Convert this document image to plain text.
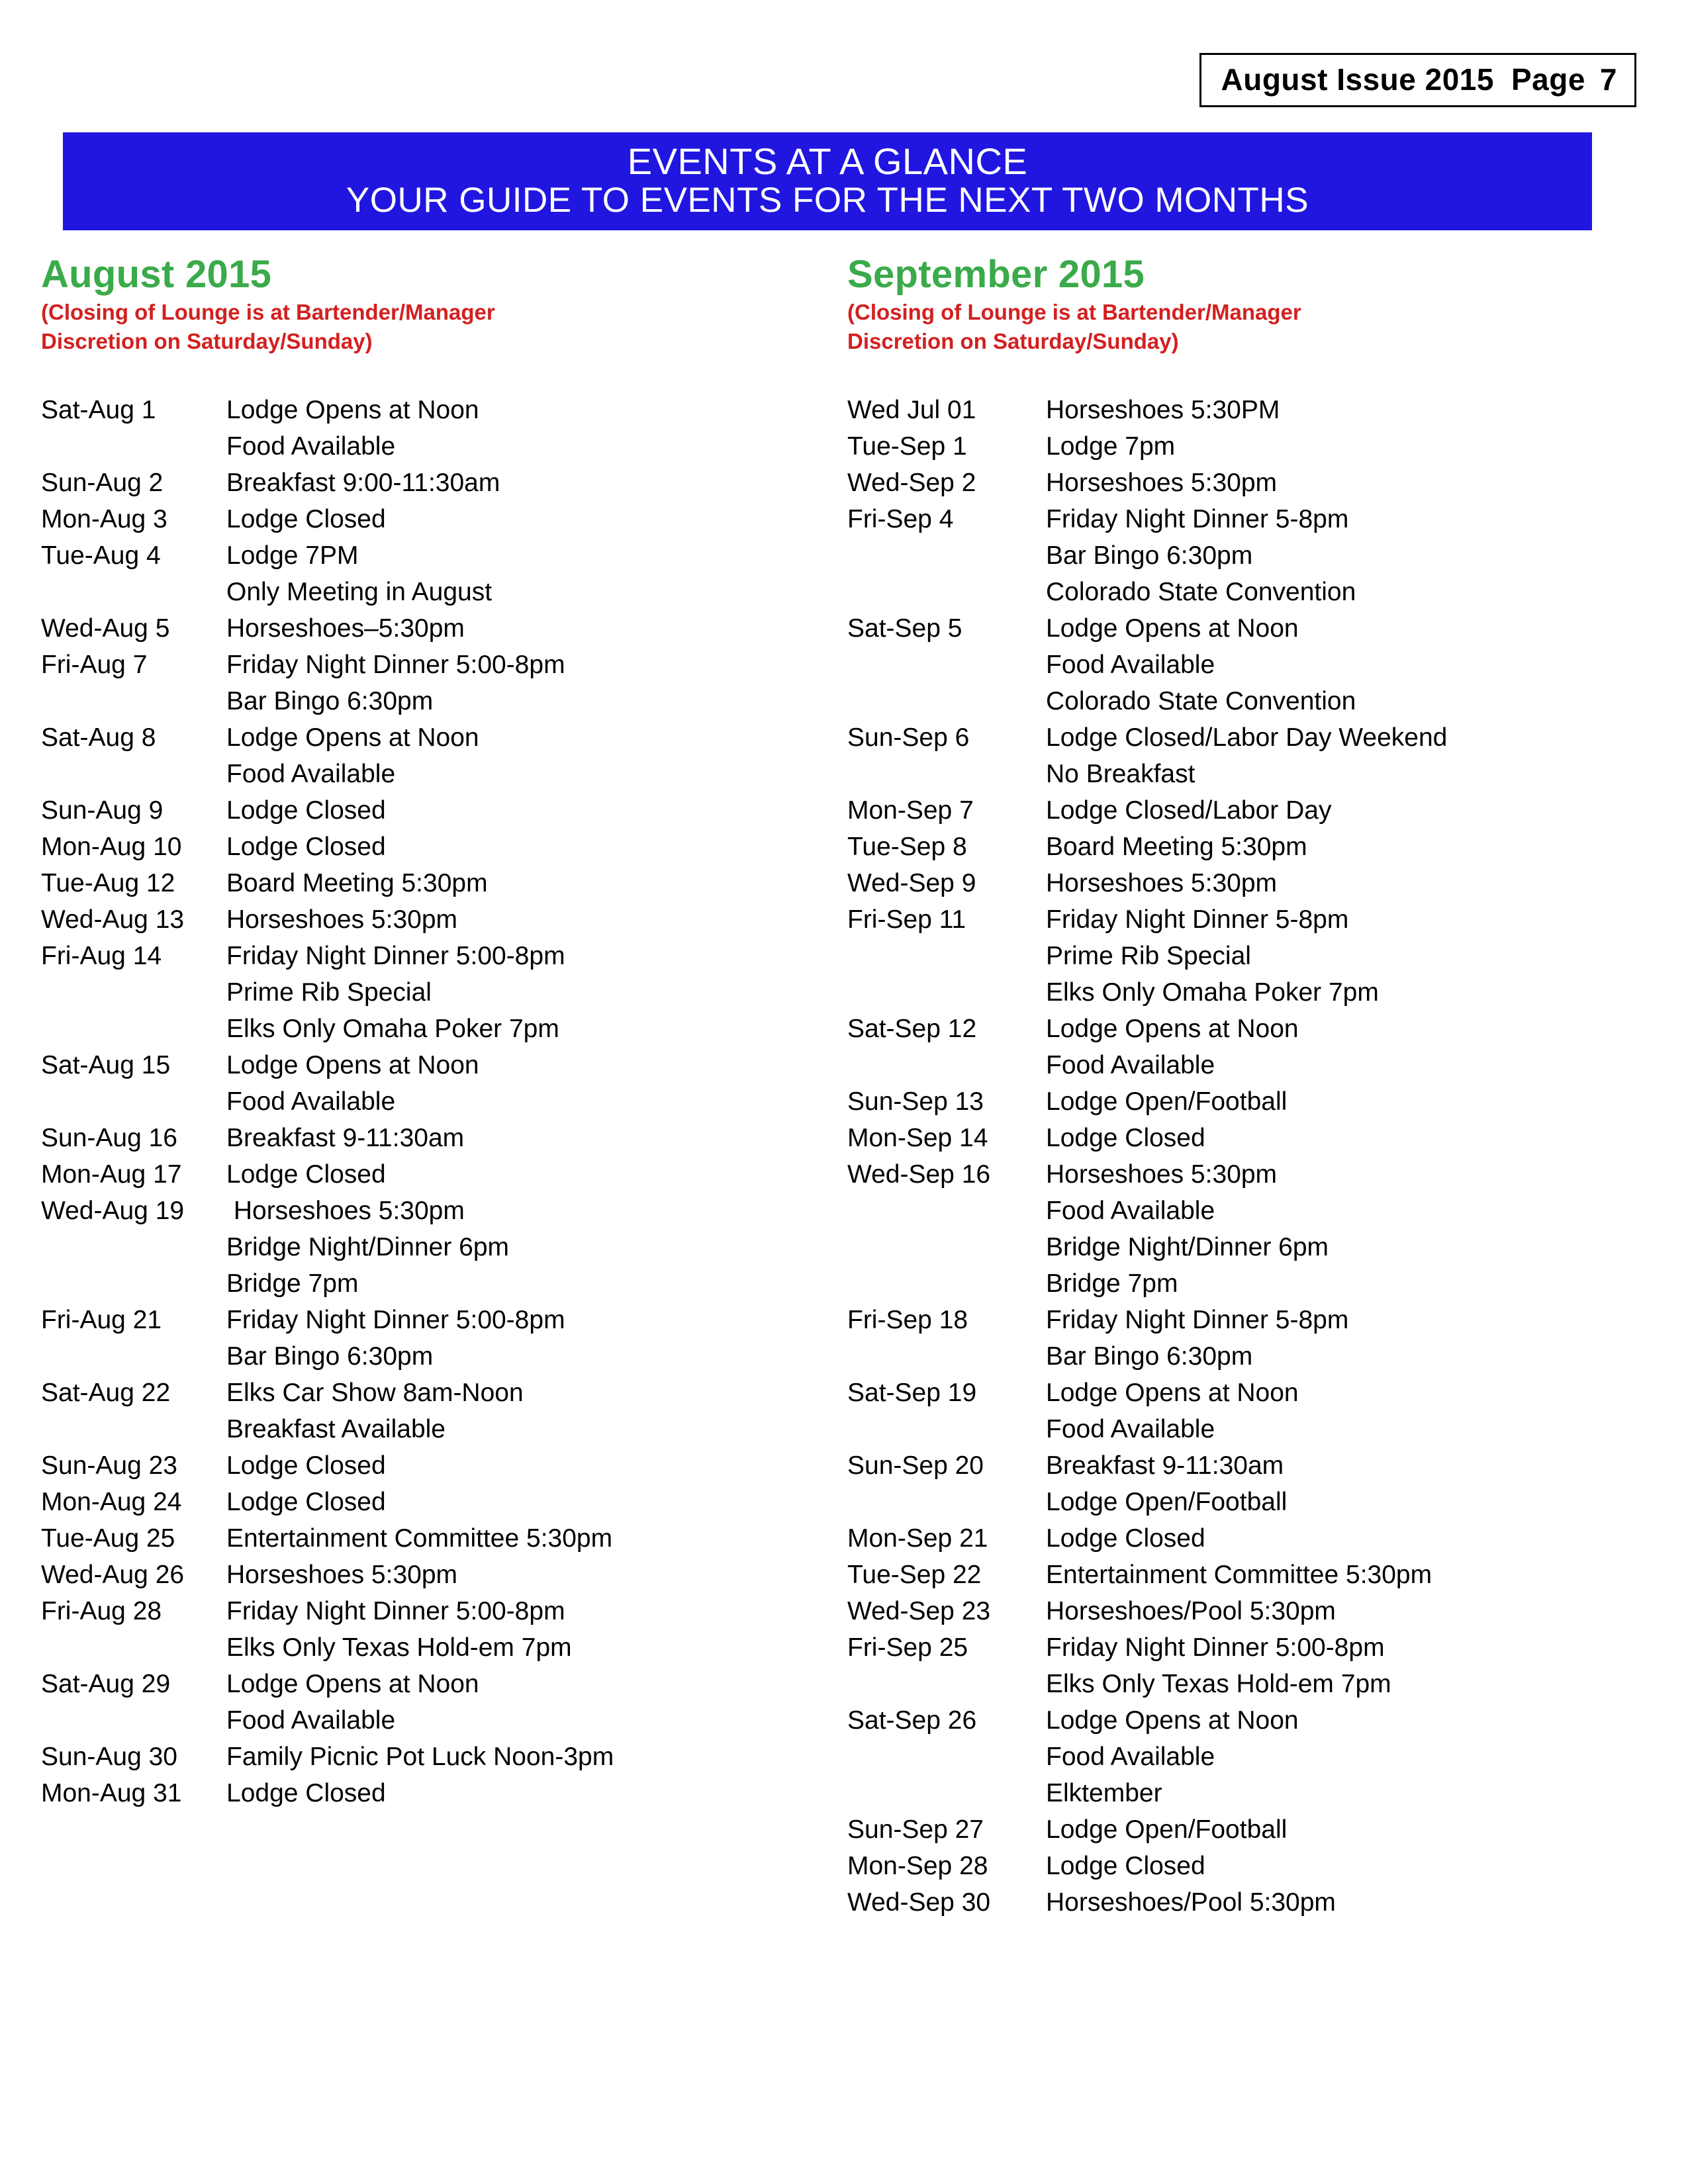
August Issue 2015 Page 7
EVENTS AT A GLANCE
YOUR GUIDE TO EVENTS FOR THE NEXT TWO MONTHS
August 2015
(Closing of Lounge is at Bartender/Manager
Discretion on Saturday/Sunday)
Sat-Aug 1	Lodge Opens at Noon
Food Available
Sun-Aug 2	Breakfast 9:00-11:30am
Mon-Aug 3	Lodge Closed
Tue-Aug 4	Lodge 7PM
Only Meeting in August
Wed-Aug 5	Horseshoes–5:30pm
Fri-Aug 7	Friday Night Dinner 5:00-8pm
Bar Bingo 6:30pm
Sat-Aug 8	Lodge Opens at Noon
Food Available
Sun-Aug 9	Lodge Closed
Mon-Aug 10	Lodge Closed
Tue-Aug 12	Board Meeting 5:30pm
Wed-Aug 13	Horseshoes 5:30pm
Fri-Aug 14	Friday Night Dinner 5:00-8pm
Prime Rib Special
Elks Only Omaha Poker 7pm
Sat-Aug 15	Lodge Opens at Noon
Food Available
Sun-Aug 16	Breakfast 9-11:30am
Mon-Aug 17	Lodge Closed
Wed-Aug 19	Horseshoes 5:30pm
Bridge Night/Dinner 6pm
Bridge 7pm
Fri-Aug 21	Friday Night Dinner 5:00-8pm
Bar Bingo 6:30pm
Sat-Aug 22	Elks Car Show 8am-Noon
Breakfast Available
Sun-Aug 23	Lodge Closed
Mon-Aug 24	Lodge Closed
Tue-Aug 25	Entertainment Committee 5:30pm
Wed-Aug 26	Horseshoes 5:30pm
Fri-Aug 28	Friday Night Dinner 5:00-8pm
Elks Only Texas Hold-em 7pm
Sat-Aug 29	Lodge Opens at Noon
Food Available
Sun-Aug 30	Family Picnic Pot Luck Noon-3pm
Mon-Aug 31	Lodge Closed
September 2015
(Closing of Lounge is at Bartender/Manager
Discretion on Saturday/Sunday)
Wed Jul 01	Horseshoes 5:30PM
Tue-Sep 1	Lodge 7pm
Wed-Sep 2	Horseshoes 5:30pm
Fri-Sep 4	Friday Night Dinner 5-8pm
Bar Bingo 6:30pm
Colorado State Convention
Sat-Sep 5	Lodge Opens at Noon
Food Available
Colorado State Convention
Sun-Sep 6	Lodge Closed/Labor Day Weekend
No Breakfast
Mon-Sep 7	Lodge Closed/Labor Day
Tue-Sep 8	Board Meeting 5:30pm
Wed-Sep 9	Horseshoes 5:30pm
Fri-Sep 11	Friday Night Dinner 5-8pm
Prime Rib Special
Elks Only Omaha Poker 7pm
Sat-Sep 12	Lodge Opens at Noon
Food Available
Sun-Sep 13	Lodge Open/Football
Mon-Sep 14	Lodge Closed
Wed-Sep 16	Horseshoes 5:30pm
Food Available
Bridge Night/Dinner 6pm
Bridge 7pm
Fri-Sep 18	Friday Night Dinner 5-8pm
Bar Bingo 6:30pm
Sat-Sep 19	Lodge Opens at Noon
Food Available
Sun-Sep 20	Breakfast 9-11:30am
Lodge Open/Football
Mon-Sep 21	Lodge Closed
Tue-Sep 22	Entertainment Committee 5:30pm
Wed-Sep 23	Horseshoes/Pool 5:30pm
Fri-Sep 25	Friday Night Dinner 5:00-8pm
Elks Only Texas Hold-em 7pm
Sat-Sep 26	Lodge Opens at Noon
Food Available
Elktember
Sun-Sep 27	Lodge Open/Football
Mon-Sep 28	Lodge Closed
Wed-Sep 30	Horseshoes/Pool 5:30pm
